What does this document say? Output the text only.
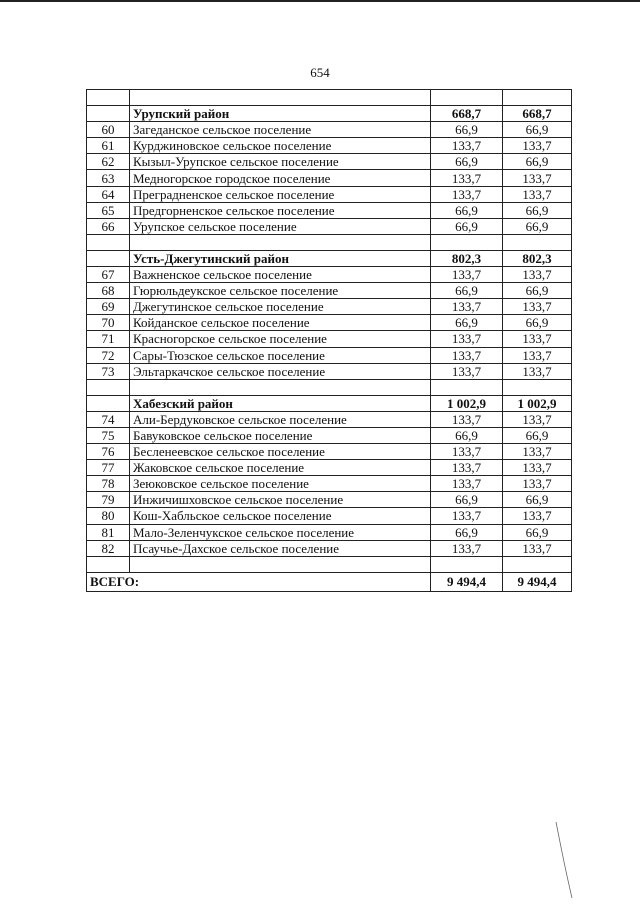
654

	Урупский район	668,7	668,7
60	Загеданское сельское поселение	66,9	66,9
61	Курджиновское сельское поселение	133,7	133,7
62	Кызыл-Урупское сельское поселение	66,9	66,9
63	Медногорское городское поселение	133,7	133,7
64	Преградненское сельское поселение	133,7	133,7
65	Предгорненское сельское поселение	66,9	66,9
66	Урупское сельское поселение	66,9	66,9

	Усть-Джегутинский район	802,3	802,3
67	Важненское сельское поселение	133,7	133,7
68	Гюрюльдеукское сельское поселение	66,9	66,9
69	Джегутинское сельское поселение	133,7	133,7
70	Койданское сельское поселение	66,9	66,9
71	Красногорское сельское поселение	133,7	133,7
72	Сары-Тюзское сельское поселение	133,7	133,7
73	Эльтаркачское сельское поселение	133,7	133,7

	Хабезский район	1 002,9	1 002,9
74	Али-Бердуковское сельское поселение	133,7	133,7
75	Бавуковское сельское поселение	66,9	66,9
76	Бесленеевское сельское поселение	133,7	133,7
77	Жаковское сельское поселение	133,7	133,7
78	Зеюковское сельское поселение	133,7	133,7
79	Инжичишховское сельское поселение	66,9	66,9
80	Кош-Хабльское сельское поселение	133,7	133,7
81	Мало-Зеленчукское сельское поселение	66,9	66,9
82	Псаучье-Дахское сельское поселение	133,7	133,7

ВСЕГО:		9 494,4	9 494,4
